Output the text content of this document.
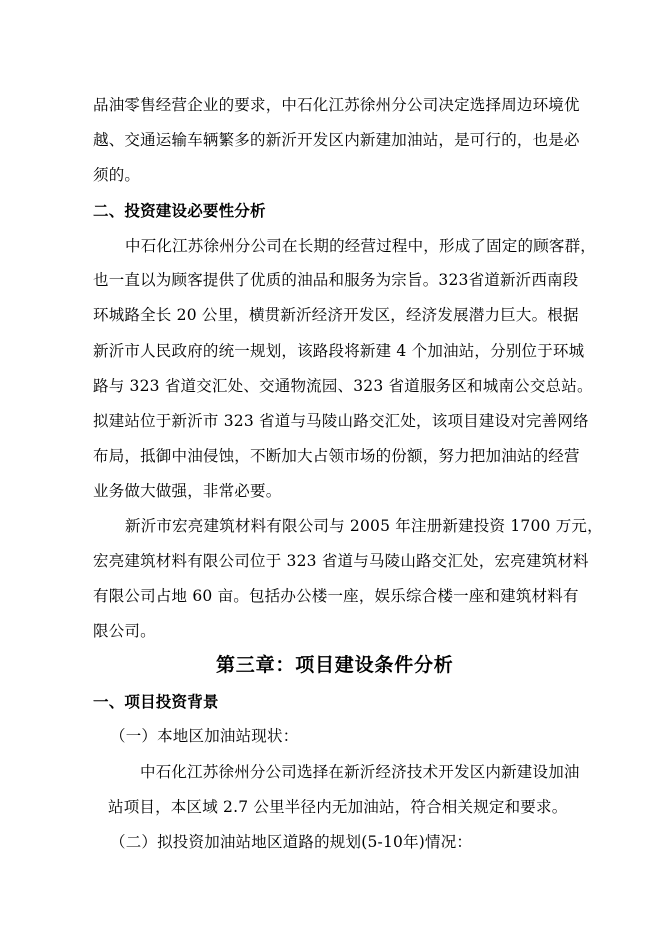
品油零售经营企业的要求，中石化江苏徐州分公司决定选择周边环境优
越、交通运输车辆繁多的新沂开发区内新建加油站，是可行的，也是必
须的。
二、投资建设必要性分析
中石化江苏徐州分公司在长期的经营过程中，形成了固定的顾客群，
也一直以为顾客提供了优质的油品和服务为宗旨。323省道新沂西南段
环城路全长 20 公里，横贯新沂经济开发区，经济发展潜力巨大。根据
新沂市人民政府的统一规划，该路段将新建 4 个加油站，分别位于环城
路与 323 省道交汇处、交通物流园、323 省道服务区和城南公交总站。
拟建站位于新沂市 323 省道与马陵山路交汇处，该项目建设对完善网络
布局，抵御中油侵蚀，不断加大占领市场的份额，努力把加油站的经营
业务做大做强，非常必要。
新沂市宏亮建筑材料有限公司与 2005 年注册新建投资 1700 万元，
宏亮建筑材料有限公司位于 323 省道与马陵山路交汇处，宏亮建筑材料
有限公司占地 60 亩。包括办公楼一座，娱乐综合楼一座和建筑材料有
限公司。
第三章：项目建设条件分析
一、项目投资背景
（一）本地区加油站现状：
中石化江苏徐州分公司选择在新沂经济技术开发区内新建设加油
站项目，本区域 2.7 公里半径内无加油站，符合相关规定和要求。
（二）拟投资加油站地区道路的规划(5-10年)情况：
